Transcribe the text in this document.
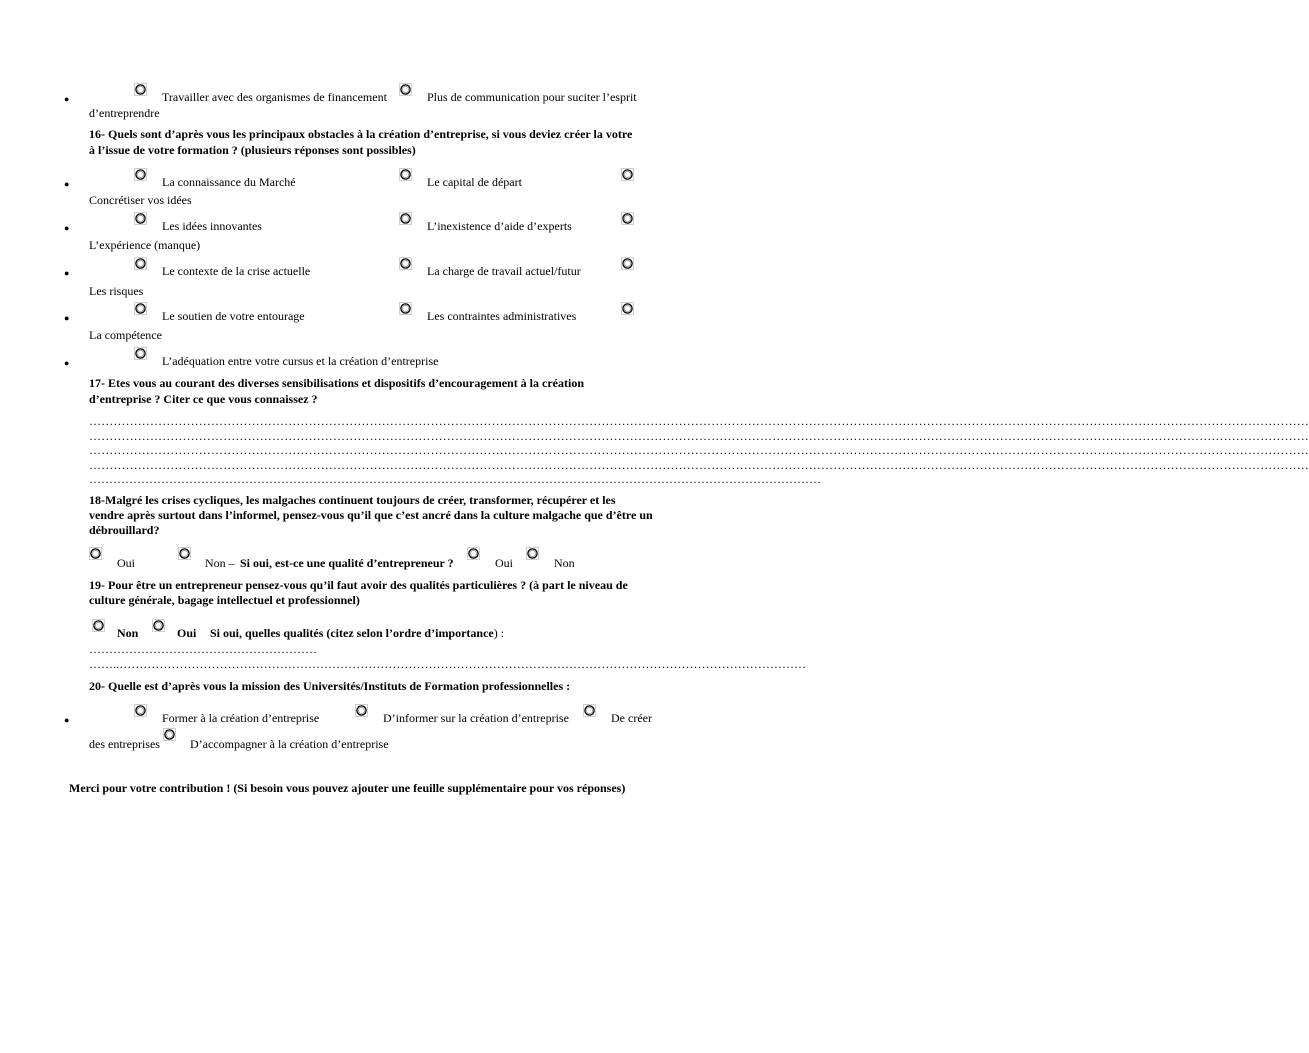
●	Travailler avec des organismes de financement	Plus de communication pour suciter l’esprit
d’entreprendre
16- Quels sont d’après vous les principaux obstacles à la création d’entreprise, si vous deviez créer la votre
à l’issue de votre formation ? (plusieurs réponses sont possibles)
●	La connaissance du Marché	Le capital de départ
Concrétiser vos idées
●	Les idées innovantes	L’inexistence d’aide d’experts
L’expérience (manque)
●	Le contexte de la crise actuelle	La charge de travail actuel/futur
Les risques
●	Le soutien de votre entourage	Les contraintes administratives
La compétence
●	L’adéquation entre votre cursus et la création d’entreprise
17- Etes vous au courant des diverses sensibilisations et dispositifs d’encouragement à la création
d’entreprise ? Citer ce que vous connaissez ?
…………………………………………………………………………………………………………………………………………………………………………………………………………………………………………………………………………
…………………………………………………………………………………………………………………………………………………………………………………………………………………………………………………………………………
…………………………………………………………………………………………………………………………………………………………………………………………………………………………………………………………………………
…………………………………………………………………………………………………………………………………………………………………………………………………………………………………………………………………………
…………………………………………………………………………………………………………………………………………………………………
18-Malgré les crises cycliques, les malgaches continuent toujours de créer, transformer, récupérer et les
vendre après surtout dans l’informel, pensez-vous qu’il que c’est ancré dans la culture malgache que d’être un
débrouillard?
Oui	Non – Si oui, est-ce une qualité d’entrepreneur ?	Oui	Non
19- Pour être un entrepreneur pensez-vous qu’il faut avoir des qualités particulières ? (à part le niveau de
culture générale, bagage intellectuel et professionnel)
Non	Oui Si oui, quelles qualités (citez selon l’ordre d’importance) :
…………………………………………………
……..………………………………………………………………………………………………………………………………………………………
20- Quelle est d’après vous la mission des Universités/Instituts de Formation professionnelles :
●	Former à la création d’entreprise	D’informer sur la création d’entreprise	De créer
des entreprises	D’accompagner à la création d’entreprise
Merci pour votre contribution ! (Si besoin vous pouvez ajouter une feuille supplémentaire pour vos réponses)
